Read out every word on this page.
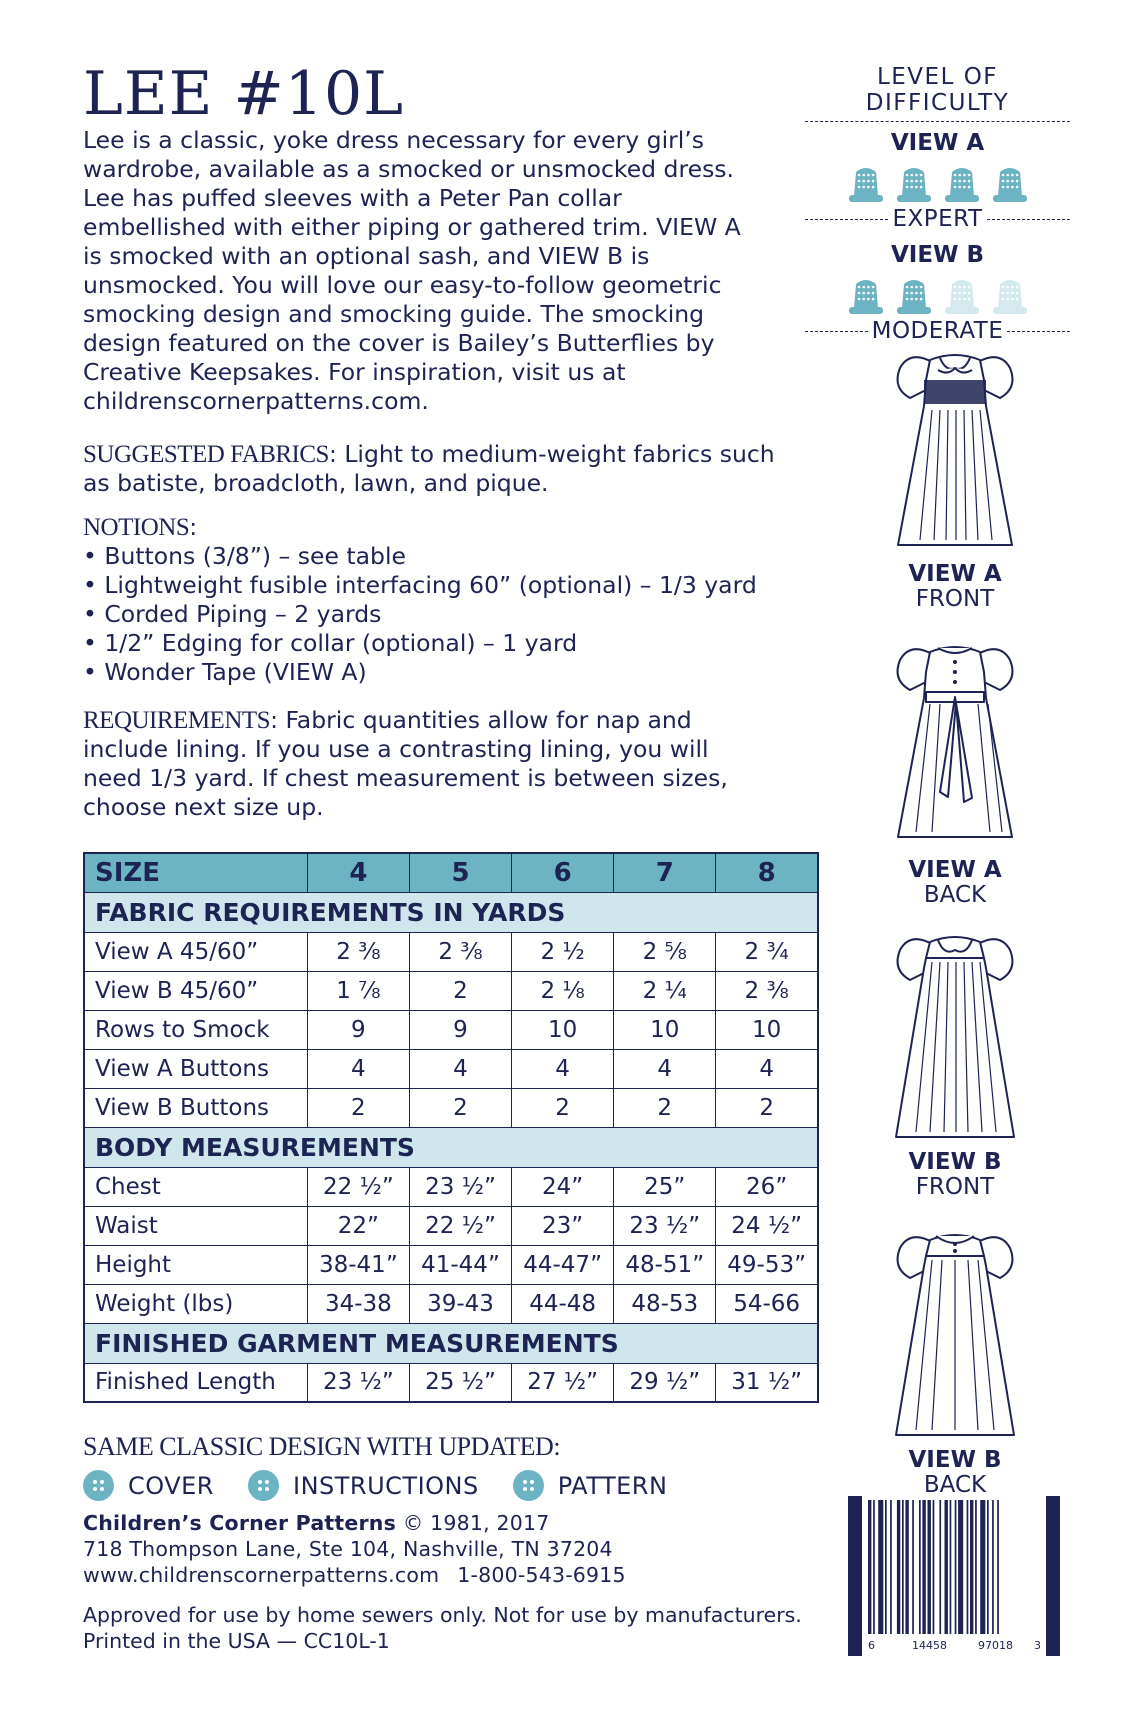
LEE #10L

Lee is a classic, yoke dress necessary for every girl’s wardrobe, available as a smocked or unsmocked dress. Lee has puffed sleeves with a Peter Pan collar embellished with either piping or gathered trim. VIEW A is smocked with an optional sash, and VIEW B is unsmocked. You will love our easy-to-follow geometric smocking design and smocking guide. The smocking design featured on the cover is Bailey’s Butterflies by Creative Keepsakes. For inspiration, visit us at childrenscornerpatterns.com.

SUGGESTED FABRICS: Light to medium-weight fabrics such as batiste, broadcloth, lawn, and pique.

NOTIONS:

• Buttons (3/8”) – see table
• Lightweight fusible interfacing 60” (optional) – 1/3 yard
• Corded Piping – 2 yards
• 1/2” Edging for collar (optional) – 1 yard
• Wonder Tape (VIEW A)

REQUIREMENTS: Fabric quantities allow for nap and include lining. If you use a contrasting lining, you will need 1/3 yard. If chest measurement is between sizes, choose next size up.

SIZE	4	5	6	7	8
FABRIC REQUIREMENTS IN YARDS					
View A 45/60”	2 ³⁄₈	2 ³⁄₈	2 ¹⁄₂	2 ⁵⁄₈	2 ³⁄₄
View B 45/60”	1 ⁷⁄₈	2	2 ¹⁄₈	2 ¹⁄₄	2 ³⁄₈
Rows to Smock	9	9	10	10	10
View A Buttons	4	4	4	4	4
View B Buttons	2	2	2	2	2
BODY MEASUREMENTS					
Chest	22 ¹⁄₂”	23 ¹⁄₂”	24”	25”	26”
Waist	22”	22 ¹⁄₂”	23”	23 ¹⁄₂”	24 ¹⁄₂”
Height	38-41”	41-44”	44-47”	48-51”	49-53”
Weight (lbs)	34-38	39-43	44-48	48-53	54-66
FINISHED GARMENT MEASUREMENTS					
Finished Length	23 ¹⁄₂”	25 ¹⁄₂”	27 ¹⁄₂”	29 ¹⁄₂”	31 ¹⁄₂”

SAME CLASSIC DESIGN WITH UPDATED:

COVER	INSTRUCTIONS	PATTERN
Children’s Corner Patterns © 1981, 2017
718 Thompson Lane, Ste 104, Nashville, TN 37204
www.childrenscornerpatterns.com 1-800-543-6915
Approved for use by home sewers only. Not for use by manufacturers.
Printed in the USA — CC10L-1
LEVEL OF DIFFICULTY
VIEW A
EXPERT
VIEW B
MODERATE
VIEW A
FRONT
VIEW A
BACK
VIEW B
FRONT
VIEW B
BACK
6	14458	97018 3
